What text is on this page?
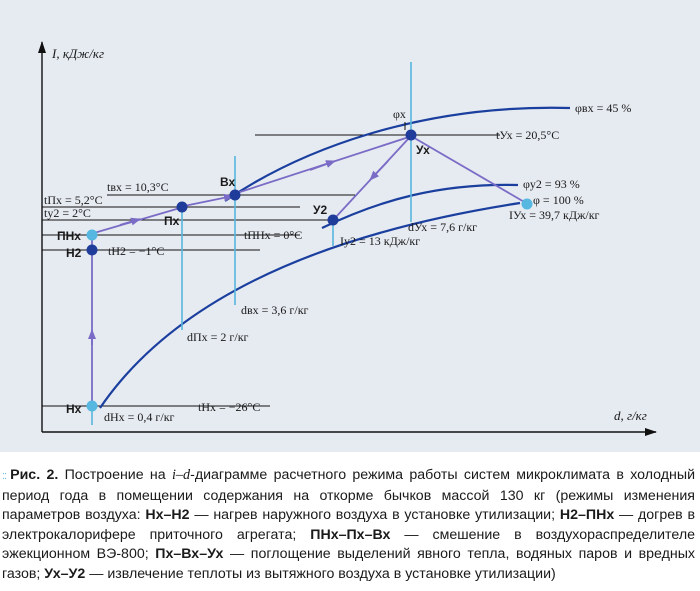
I, кДж/кг
d, г/кг
φвх = 45 %
φу2 = 93 %
φ = 100 %
φх
Нх
Н2
ПНх
Пх
Вх
У2
Ух
tУх = 20,5°C
tвх = 10,3°C
tПх = 5,2°C
tу2 = 2°C
tПНх = 0°C
tН2 = −1°C
tНх = −26°C
dНх = 0,4 г/кг
dПх = 2 г/кг
dвх = 3,6 г/кг
dУх = 7,6 г/кг
Iу2 = 13 кДж/кг
IУх = 39,7 кДж/кг
:: Рис. 2. Построение на i–d-диаграмме расчетного режима работы систем микроклимата в холодный период года в помещении содержания на откорме бычков массой 130 кг (режимы изменения параметров воздуха: Нх–Н2 — нагрев наружного воздуха в установке утилизации; Н2–ПНх — догрев в электрокалорифере приточного агрегата; ПНх–Пх–Вх — смешение в воздухораспределителе эжекционном ВЭ-800; Пх–Вх–Ух — поглощение выделений явного тепла, водяных паров и вредных газов; Ух–У2 — извлечение теплоты из вытяжного воздуха в установке утилизации)
